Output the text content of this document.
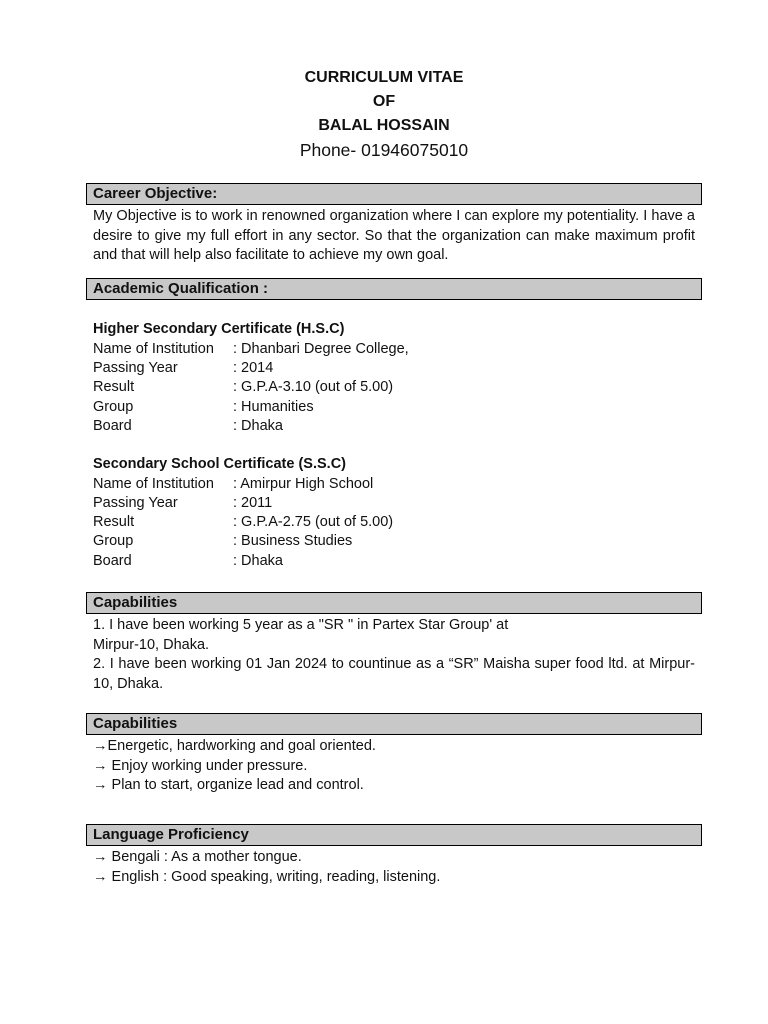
CURRICULUM VITAE
OF
BALAL HOSSAIN
Phone- 01946075010
Career Objective:
My Objective is to work in renowned organization where I can explore my potentiality. I have a desire to give my full effort in any sector. So that the organization can make maximum profit and that will help also facilitate to achieve my own goal.
Academic Qualification :
Higher Secondary Certificate (H.S.C)
Name of Institution : Dhanbari Degree College,
Passing Year	: 2014
Result	: G.P.A-3.10 (out of 5.00)
Group	: Humanities
Board	: Dhaka
Secondary School Certificate (S.S.C)
Name of Institution : Amirpur High School
Passing Year	: 2011
Result	: G.P.A-2.75 (out of 5.00)
Group	: Business Studies
Board	: Dhaka
Capabilities
1. I have been working 5 year as a "SR " in Partex Star Group' at
Mirpur-10, Dhaka.
2. I have been working 01 Jan 2024 to countinue as a “SR” Maisha super food ltd. at Mirpur-10, Dhaka.
Capabilities
→Energetic, hardworking and goal oriented.
→ Enjoy working under pressure.
→ Plan to start, organize lead and control.
Language Proficiency
→ Bengali : As a mother tongue.
→ English : Good speaking, writing, reading, listening.
